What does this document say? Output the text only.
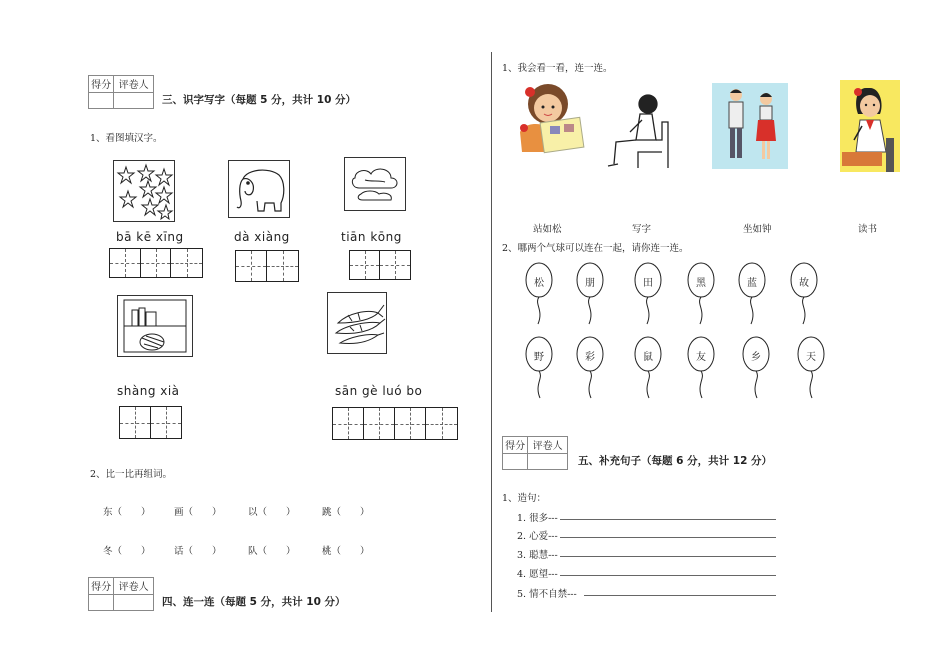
得分 评卷人
三、识字写字（每题 5 分，共计 10 分）
1、看图填汉字。
bā kē xīng	dà xiàng	tiān kōng
shàng xià	sān gè luó bo
2、比一比再组词。
东（　　） 画（　　）	以（　　）	跳（　　）
冬（　　） 话（　　）	队（　　）	桃（　　）
得分 评卷人
四、连一连（每题 5 分，共计 10 分）
1、我会看一看，连一连。
站如松	写字	坐如钟	读书
2、哪两个气球可以连在一起，请你连一连。
松	朋	田	黑	蓝	故
野	彩	鼠	友	乡	天
得分 评卷人
五、补充句子（每题 6 分，共计 12 分）
1、造句：
1. 很多---
2. 心爱---
3. 聪慧---
4. 愿望---
5. 情不自禁---
